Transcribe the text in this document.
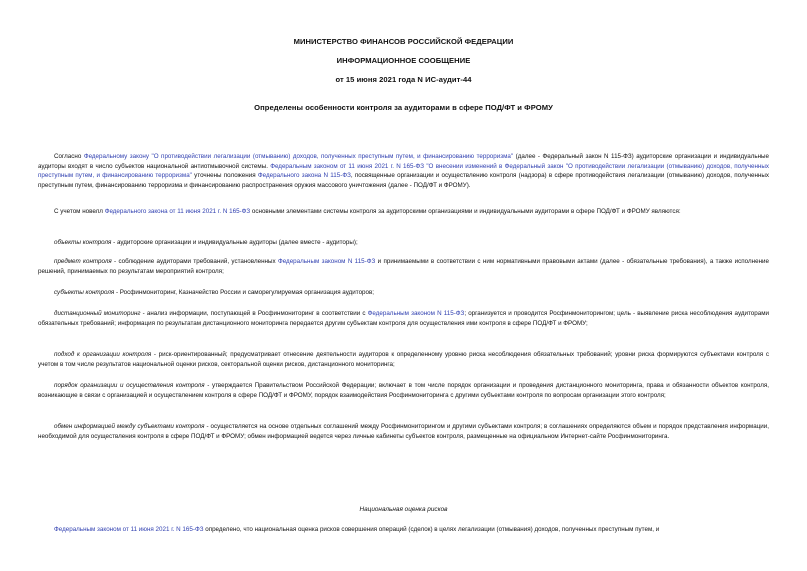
МИНИСТЕРСТВО ФИНАНСОВ РОССИЙСКОЙ ФЕДЕРАЦИИ
ИНФОРМАЦИОННОЕ СООБЩЕНИЕ
от 15 июня 2021 года N ИС-аудит-44
Определены особенности контроля за аудиторами в сфере ПОД/ФТ и ФРОМУ

Согласно Федеральному закону "О противодействии легализации (отмыванию) доходов, полученных преступным путем, и финансированию терроризма" (далее - Федеральный закон N 115-ФЗ) аудиторские организации и индивидуальные аудиторы входят в число субъектов национальной антиотмывочной системы. Федеральным законом от 11 июня 2021 г. N 165-ФЗ "О внесении изменений в Федеральный закон "О противодействии легализации (отмыванию) доходов, полученных преступным путем, и финансированию терроризма" уточнены положения Федерального закона N 115-ФЗ, посвященные организации и осуществлению контроля (надзора) в сфере противодействия легализации (отмыванию) доходов, полученных преступным путем, финансированию терроризма и финансированию распространения оружия массового уничтожения (далее - ПОД/ФТ и ФРОМУ).

С учетом новелл Федерального закона от 11 июня 2021 г. N 165-ФЗ основными элементами системы контроля за аудиторскими организациями и индивидуальными аудиторами в сфере ПОД/ФТ и ФРОМУ являются:

объекты контроля - аудиторские организации и индивидуальные аудиторы (далее вместе - аудиторы);

предмет контроля - соблюдение аудиторами требований, установленных Федеральным законом N 115-ФЗ и принимаемыми в соответствии с ним нормативными правовыми актами (далее - обязательные требования), а также исполнение решений, принимаемых по результатам мероприятий контроля;

субъекты контроля - Росфинмониторинг, Казначейство России и саморегулируемая организация аудиторов;

дистанционный мониторинг - анализ информации, поступающей в Росфинмониторинг в соответствии с Федеральным законом N 115-ФЗ; организуется и проводится Росфинмониторингом; цель - выявление риска несоблюдения аудиторами обязательных требований; информация по результатам дистанционного мониторинга передается другим субъектам контроля для осуществления ими контроля в сфере ПОД/ФТ и ФРОМУ;

подход к организации контроля - риск-ориентированный; предусматривает отнесение деятельности аудиторов к определенному уровню риска несоблюдения обязательных требований; уровни риска формируются субъектами контроля с учетом в том числе результатов национальной оценки рисков, секторальной оценки рисков, дистанционного мониторинга;

порядок организации и осуществления контроля - утверждается Правительством Российской Федерации; включает в том числе порядок организации и проведения дистанционного мониторинга, права и обязанности объектов контроля, возникающие в связи с организацией и осуществлением контроля в сфере ПОД/ФТ и ФРОМУ, порядок взаимодействия Росфинмониторинга с другими субъектами контроля по вопросам организации этого контроля;

обмен информацией между субъектами контроля - осуществляется на основе отдельных соглашений между Росфинмониторингом и другими субъектами контроля; в соглашениях определяются объем и порядок представления информации, необходимой для осуществления контроля в сфере ПОД/ФТ и ФРОМУ; обмен информацией ведется через личные кабинеты субъектов контроля, размещенные на официальном Интернет-сайте Росфинмониторинга.

Национальная оценка рисков

Федеральным законом от 11 июня 2021 г. N 165-ФЗ определено, что национальная оценка рисков совершения операций (сделок) в целях легализации (отмывания) доходов, полученных преступным путем, и
